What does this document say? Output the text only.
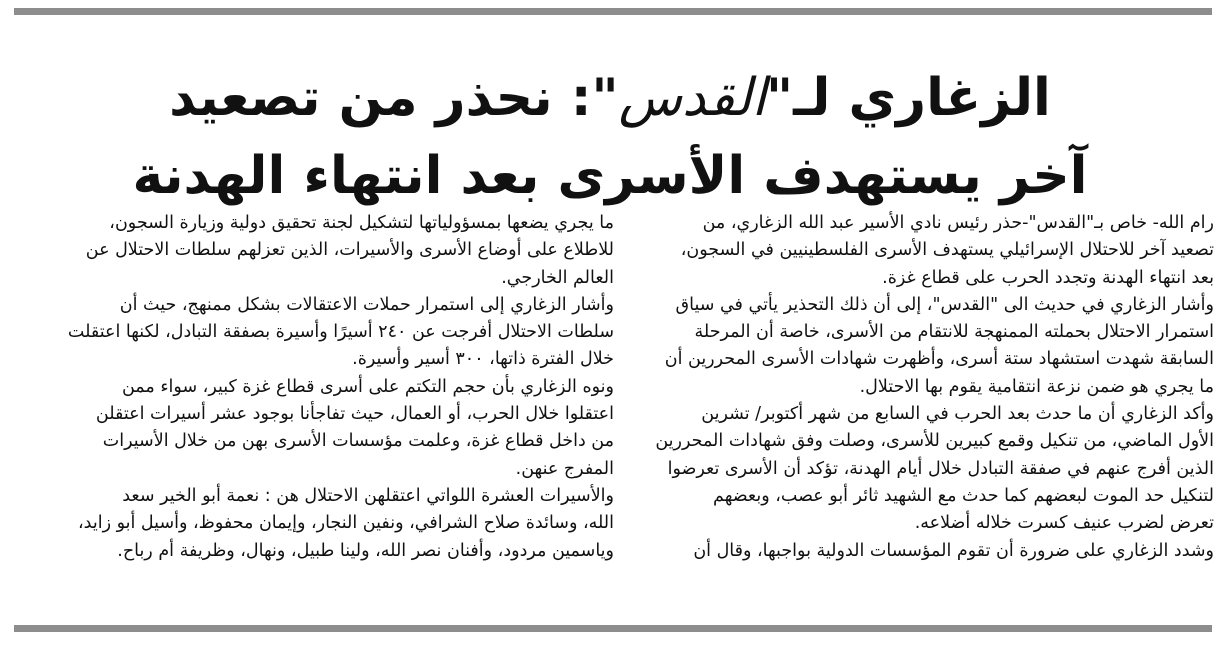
الزغاري لـ"القدس": نحذر من تصعيد
آخر يستهدف الأسرى بعد انتهاء الهدنة

رام الله- خاص بـ"القدس"-حذر رئيس نادي الأسير عبد الله الزغاري، من
تصعيد آخر للاحتلال الإسرائيلي يستهدف الأسرى الفلسطينيين في السجون،
بعد انتهاء الهدنة وتجدد الحرب على قطاع غزة.

وأشار الزغاري في حديث الى "القدس"، إلى أن ذلك التحذير يأتي في سياق
استمرار الاحتلال بحملته الممنهجة للانتقام من الأسرى، خاصة أن المرحلة
السابقة شهدت استشهاد ستة أسرى، وأظهرت شهادات الأسرى المحررين أن
ما يجري هو ضمن نزعة انتقامية يقوم بها الاحتلال.

وأكد الزغاري أن ما حدث بعد الحرب في السابع من شهر أكتوبر/ تشرين
الأول الماضي، من تنكيل وقمع كبيرين للأسرى، وصلت وفق شهادات المحررين
الذين أفرج عنهم في صفقة التبادل خلال أيام الهدنة، تؤكد أن الأسرى تعرضوا
لتنكيل حد الموت لبعضهم كما حدث مع الشهيد ثائر أبو عصب، وبعضهم
تعرض لضرب عنيف كسرت خلاله أضلاعه.

وشدد الزغاري على ضرورة أن تقوم المؤسسات الدولية بواجبها، وقال أن

ما يجري يضعها بمسؤولياتها لتشكيل لجنة تحقيق دولية وزيارة السجون،
للاطلاع على أوضاع الأسرى والأسيرات، الذين تعزلهم سلطات الاحتلال عن
العالم الخارجي.

وأشار الزغاري إلى استمرار حملات الاعتقالات بشكل ممنهج، حيث أن
سلطات الاحتلال أفرجت عن ٢٤٠ أسيرًا وأسيرة بصفقة التبادل، لكنها اعتقلت
خلال الفترة ذاتها، ٣٠٠ أسير وأسيرة.

ونوه الزغاري بأن حجم التكتم على أسرى قطاع غزة كبير، سواء ممن
اعتقلوا خلال الحرب، أو العمال، حيث تفاجأنا بوجود عشر أسيرات اعتقلن
من داخل قطاع غزة، وعلمت مؤسسات الأسرى بهن من خلال الأسيرات
المفرج عنهن.

والأسيرات العشرة اللواتي اعتقلهن الاحتلال هن : نعمة أبو الخير سعد
الله، وسائدة صلاح الشرافي، ونفين النجار، وإيمان محفوظ، وأسيل أبو زايد،
وياسمين مردود، وأفنان نصر الله، ولينا طبيل، ونهال، وظريفة أم رباح.
